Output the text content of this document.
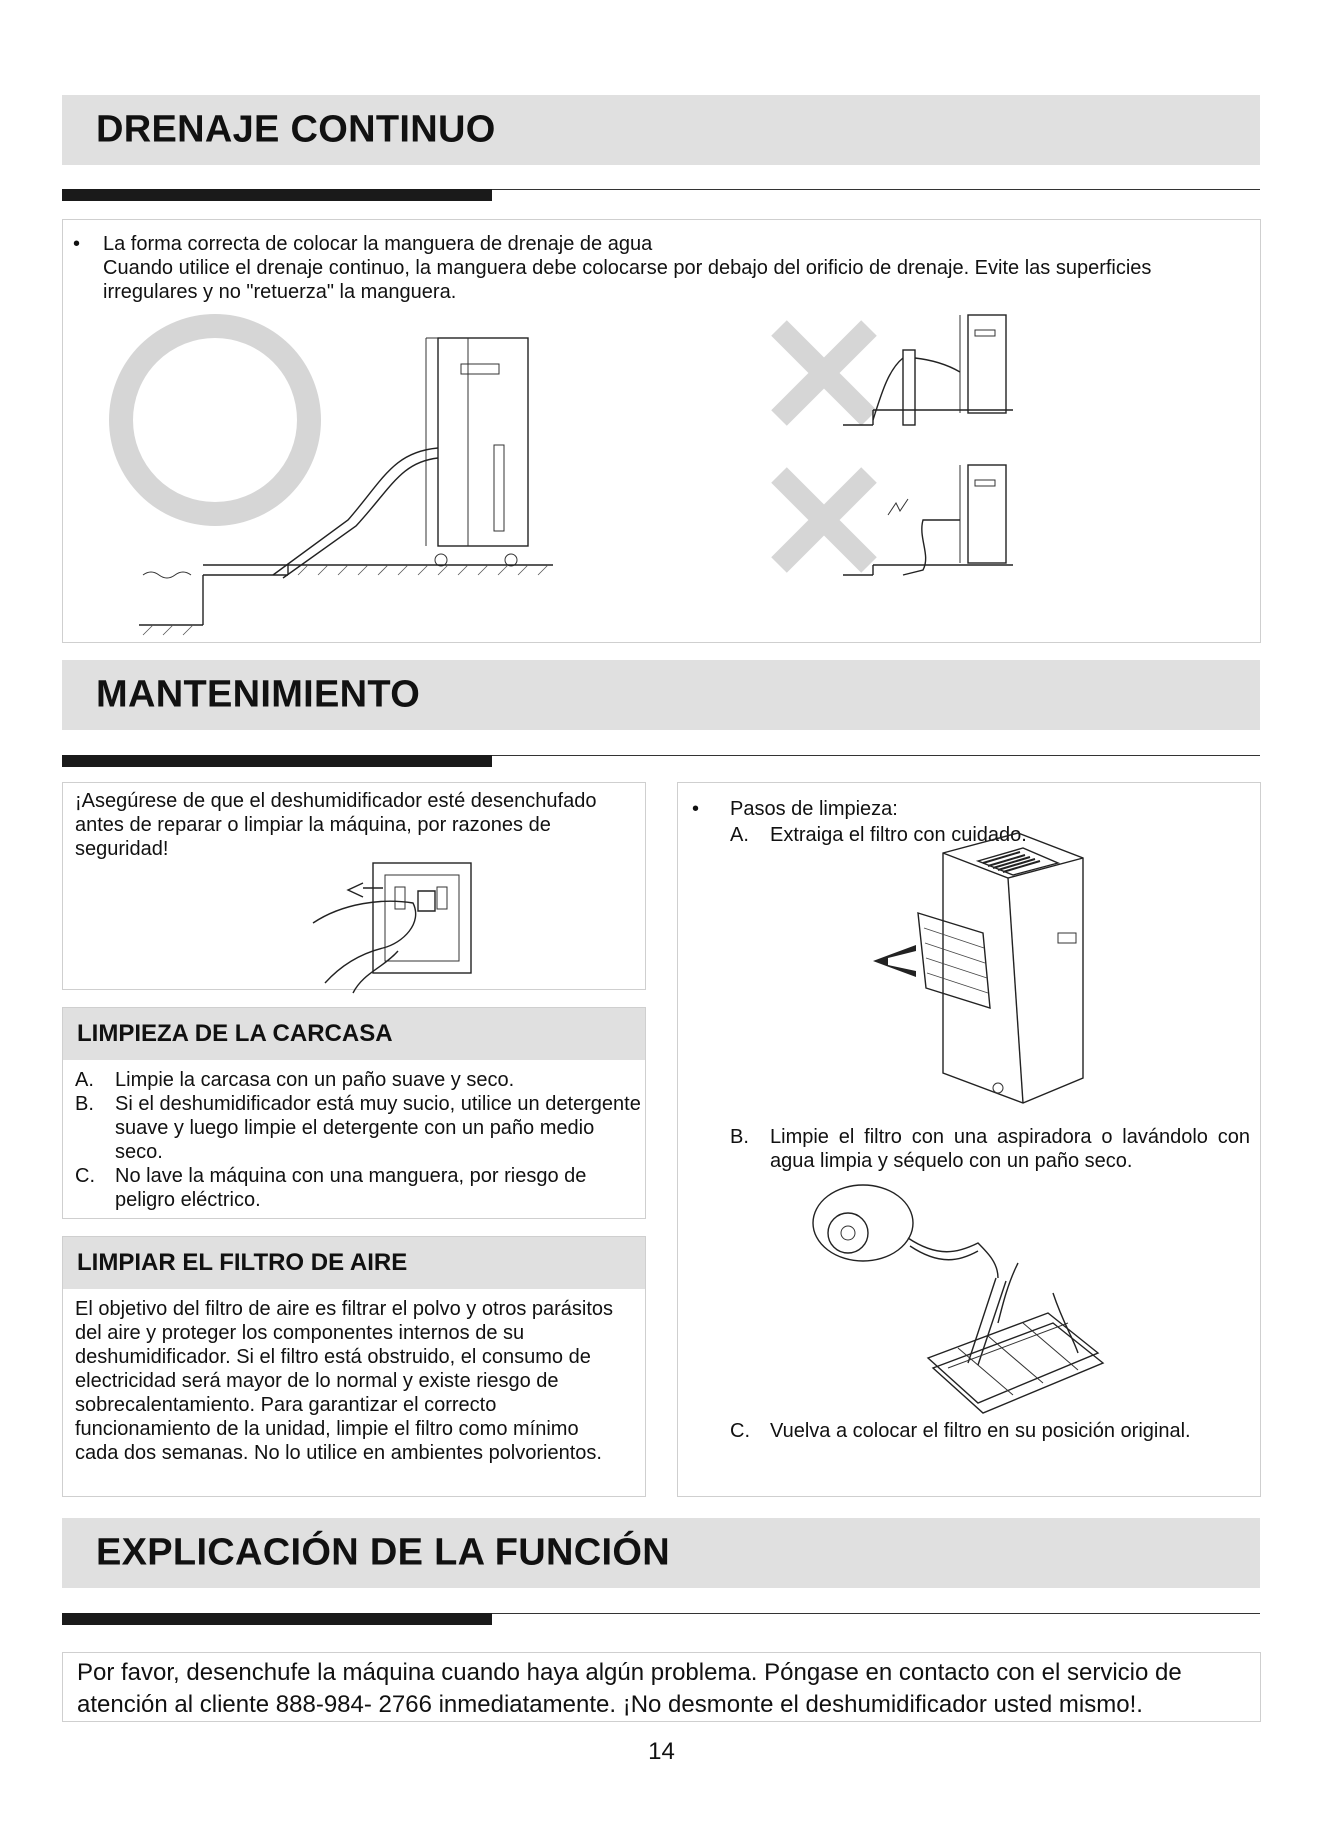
DRENAJE CONTINUO
• La forma correcta de colocar la manguera de drenaje de agua
Cuando utilice el drenaje continuo, la manguera debe colocarse por debajo del orificio de drenaje. Evite las superficies irregulares y no "retuerza" la manguera.
MANTENIMIENTO
¡Asegúrese de que el deshumidificador esté desenchufado antes de reparar o limpiar la máquina, por razones de seguridad!
LIMPIEZA DE LA CARCASA
A. Limpie la carcasa con un paño suave y seco.
B. Si el deshumidificador está muy sucio, utilice un detergente suave y luego limpie el detergente con un paño medio seco.
C. No lave la máquina con una manguera, por riesgo de peligro eléctrico.
LIMPIAR EL FILTRO DE AIRE
El objetivo del filtro de aire es filtrar el polvo y otros parásitos del aire y proteger los componentes internos de su deshumidificador. Si el filtro está obstruido, el consumo de electricidad será mayor de lo normal y existe riesgo de sobrecalentamiento. Para garantizar el correcto funcionamiento de la unidad, limpie el filtro como mínimo cada dos semanas. No lo utilice en ambientes polvorientos.
• Pasos de limpieza:
A. Extraiga el filtro con cuidado.
B. Limpie el filtro con una aspiradora o lavándolo con agua limpia y séquelo con un paño seco.
C. Vuelva a colocar el filtro en su posición original.
EXPLICACIÓN DE LA FUNCIÓN
Por favor, desenchufe la máquina cuando haya algún problema. Póngase en contacto con el servicio de atención al cliente 888-984- 2766 inmediatamente. ¡No desmonte el deshumidificador usted mismo!.
14
